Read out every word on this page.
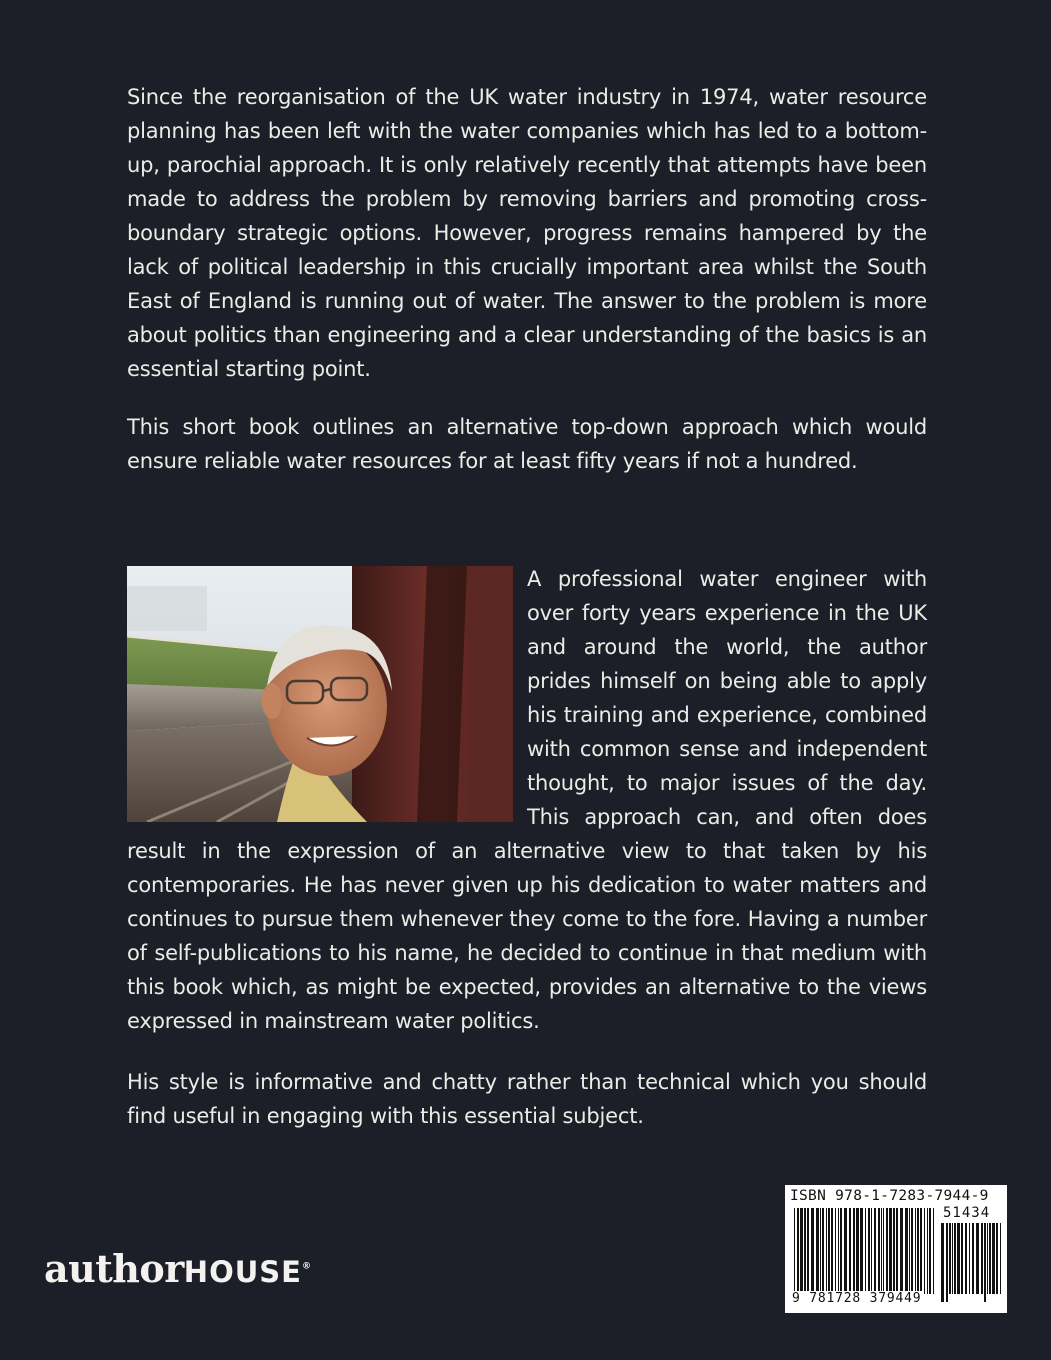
Since the reorganisation of the UK water industry in 1974, water resource planning has been left with the water companies which has led to a bottom-up, parochial approach. It is only relatively recently that attempts have been made to address the problem by removing barriers and promoting cross-boundary strategic options. However, progress remains hampered by the lack of political leadership in this crucially important area whilst the South East of England is running out of water. The answer to the problem is more about politics than engineering and a clear understanding of the basics is an essential starting point.

This short book outlines an alternative top-down approach which would ensure reliable water resources for at least fifty years if not a hundred.

A professional water engineer with over forty years experience in the UK and around the world, the author prides himself on being able to apply his training and experience, combined with common sense and independent thought, to major issues of the day. This approach can, and often does result in the expression of an alternative view to that taken by his contemporaries. He has never given up his dedication to water matters and continues to pursue them whenever they come to the fore. Having a number of self-publications to his name, he decided to continue in that medium with this book which, as might be expected, provides an alternative to the views expressed in mainstream water politics.

His style is informative and chatty rather than technical which you should find useful in engaging with this essential subject.

authorHOUSE®
ISBN 978-1-7283-7944-9
51434
9 781728 379449
